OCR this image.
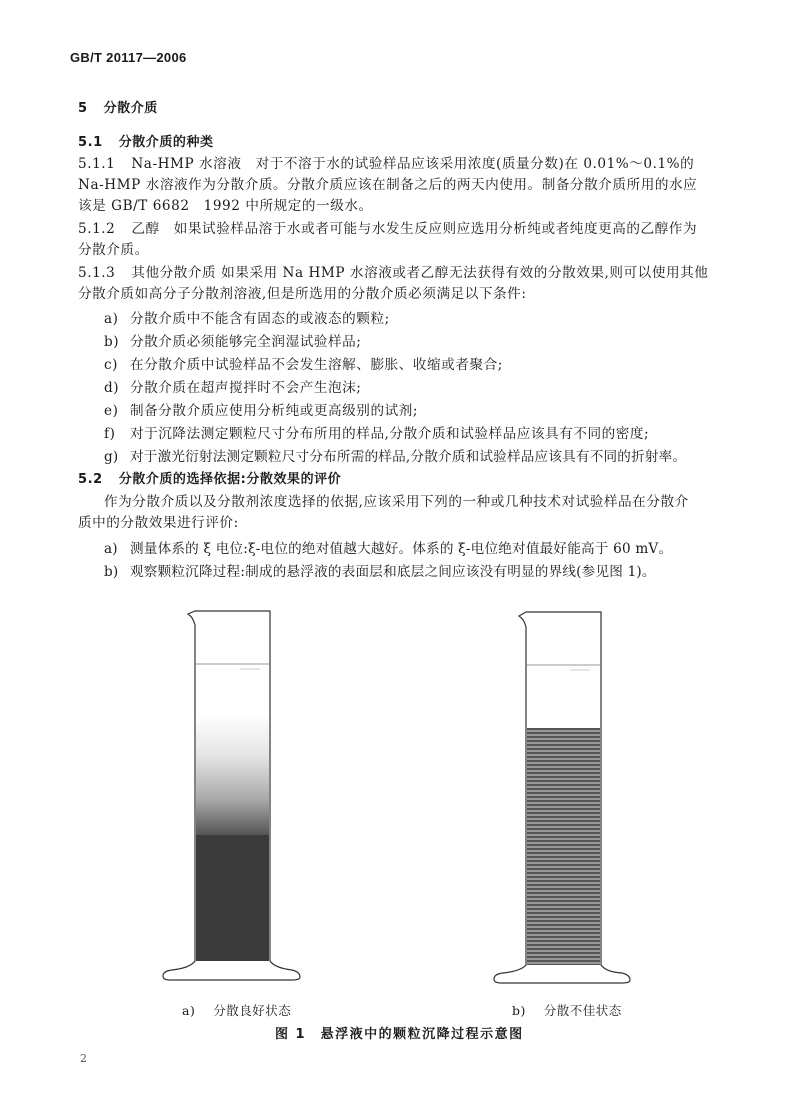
GB/T 20117—2006
5 分散介质
5.1 分散介质的种类
5.1.1 Na-HMP 水溶液　对于不溶于水的试验样品应该采用浓度(质量分数)在 0.01%～0.1%的
Na-HMP 水溶液作为分散介质。分散介质应该在制备之后的两天内使用。制备分散介质所用的水应
该是 GB/T 6682　1992 中所规定的一级水。
5.1.2 乙醇　如果试验样品溶于水或者可能与水发生反应则应选用分析纯或者纯度更高的乙醇作为
分散介质。
5.1.3 其他分散介质 如果采用 Na HMP 水溶液或者乙醇无法获得有效的分散效果,则可以使用其他
分散介质如高分子分散剂溶液,但是所选用的分散介质必须满足以下条件:
a) 分散介质中不能含有固态的或液态的颗粒;
b) 分散介质必须能够完全润湿试验样品;
c) 在分散介质中试验样品不会发生溶解、膨胀、收缩或者聚合;
d) 分散介质在超声搅拌时不会产生泡沫;
e) 制备分散介质应使用分析纯或更高级别的试剂;
f) 对于沉降法测定颗粒尺寸分布所用的样品,分散介质和试验样品应该具有不同的密度;
g) 对于激光衍射法测定颗粒尺寸分布所需的样品,分散介质和试验样品应该具有不同的折射率。
5.2 分散介质的选择依据:分散效果的评价
作为分散介质以及分散剂浓度选择的依据,应该采用下列的一种或几种技术对试验样品在分散介
质中的分散效果进行评价:
a) 测量体系的 ξ 电位:ξ-电位的绝对值越大越好。体系的 ξ-电位绝对值最好能高于 60 mV。
b) 观察颗粒沉降过程:制成的悬浮液的表面层和底层之间应该没有明显的界线(参见图 1)。
a) 分散良好状态	b) 分散不佳状态
图 1　悬浮液中的颗粒沉降过程示意图
2
